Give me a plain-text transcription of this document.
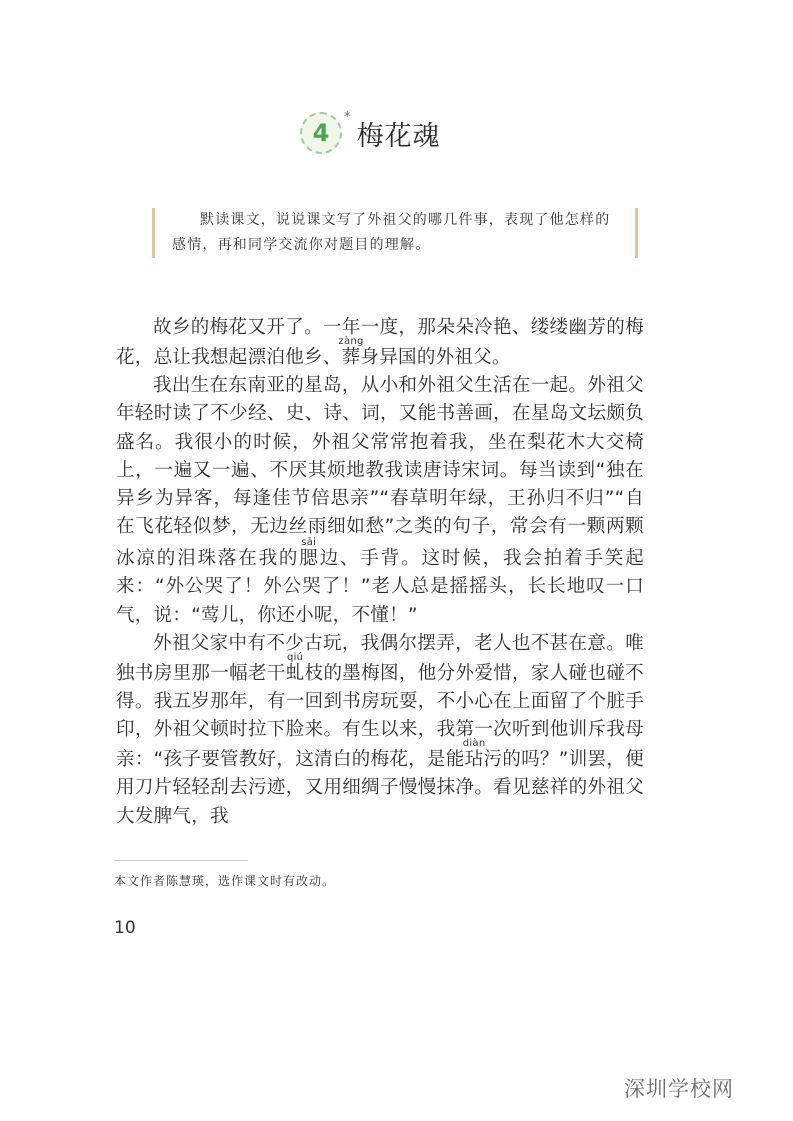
4
*
梅花魂
默读课文，说说课文写了外祖父的哪几件事，表现了他怎样的感情，再和同学交流你对题目的理解。

故乡的梅花又开了。一年一度，那朵朵冷艳、缕缕幽芳的梅花，总让我想起漂泊他乡、葬zàng身异国的外祖父。

我出生在东南亚的星岛，从小和外祖父生活在一起。外祖父年轻时读了不少经、史、诗、词，又能书善画，在星岛文坛颇负盛名。我很小的时候，外祖父常常抱着我，坐在梨花木大交椅上，一遍又一遍、不厌其烦地教我读唐诗宋词。每当读到“独在异乡为异客，每逢佳节倍思亲”“春草明年绿，王孙归不归”“自在飞花轻似梦，无边丝雨细如愁”之类的句子，常会有一颗两颗冰凉的泪珠落在我的腮sāi边、手背。这时候，我会拍着手笑起来：“外公哭了！外公哭了！”老人总是摇摇头，长长地叹一口气，说：“莺儿，你还小呢，不懂！”

外祖父家中有不少古玩，我偶尔摆弄，老人也不甚在意。唯独书房里那一幅老干虬qiú枝的墨梅图，他分外爱惜，家人碰也碰不得。我五岁那年，有一回到书房玩耍，不小心在上面留了个脏手印，外祖父顿时拉下脸来。有生以来，我第一次听到他训斥我母亲：“孩子要管教好，这清白的梅花，是能玷diàn污的吗？”训罢，便用刀片轻轻刮去污迹，又用细绸子慢慢抹净。看见慈祥的外祖父大发脾气，我

本文作者陈慧瑛，选作课文时有改动。
10
深圳学校网
